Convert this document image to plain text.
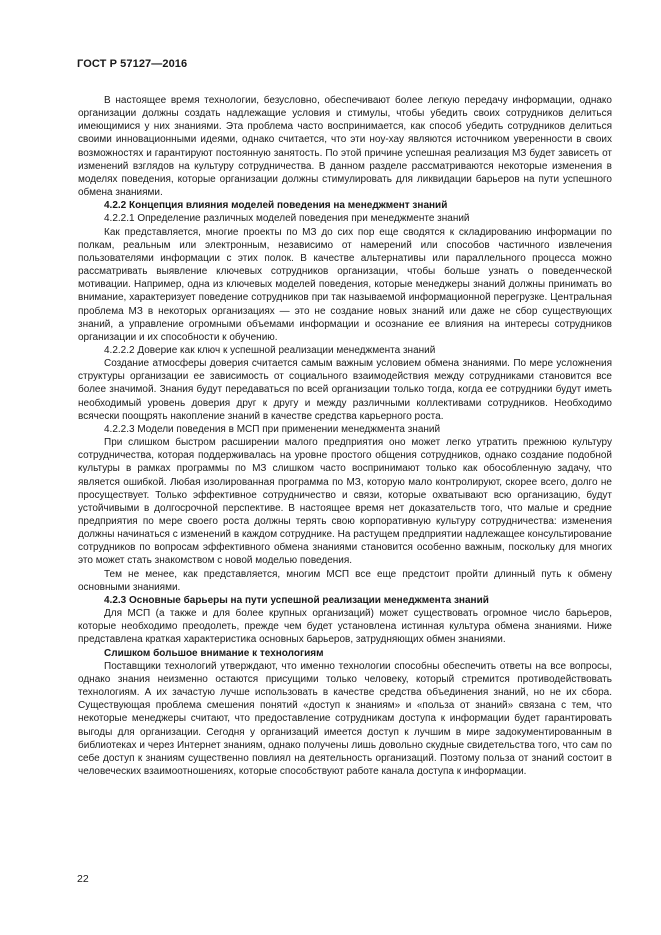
ГОСТ Р 57127—2016

В настоящее время технологии, безусловно, обеспечивают более легкую передачу информации, однако организации должны создать надлежащие условия и стимулы, чтобы убедить своих сотрудников делиться имеющимися у них знаниями. Эта проблема часто воспринимается, как способ убедить сотрудников делиться своими инновационными идеями, однако считается, что эти ноу-хау являются источником уверенности в своих возможностях и гарантируют постоянную занятость. По этой причине успешная реализация МЗ будет зависеть от изменений взглядов на культуру сотрудничества. В данном разделе рассматриваются некоторые изменения в моделях поведения, которые организации должны стимулировать для ликвидации барьеров на пути успешного обмена знаниями.

4.2.2 Концепция влияния моделей поведения на менеджмент знаний

4.2.2.1 Определение различных моделей поведения при менеджменте знаний

Как представляется, многие проекты по МЗ до сих пор еще сводятся к складированию информации по полкам, реальным или электронным, независимо от намерений или способов частичного извлечения пользователями информации с этих полок. В качестве альтернативы или параллельного процесса можно рассматривать выявление ключевых сотрудников организации, чтобы больше узнать о поведенческой мотивации. Например, одна из ключевых моделей поведения, которые менеджеры знаний должны принимать во внимание, характеризует поведение сотрудников при так называемой информационной перегрузке. Центральная проблема МЗ в некоторых организациях — это не создание новых знаний или даже не сбор существующих знаний, а управление огромными объемами информации и осознание ее влияния на интересы сотрудников организации и их способности к обучению.

4.2.2.2 Доверие как ключ к успешной реализации менеджмента знаний

Создание атмосферы доверия считается самым важным условием обмена знаниями. По мере усложнения структуры организации ее зависимость от социального взаимодействия между сотрудниками становится все более значимой. Знания будут передаваться по всей организации только тогда, когда ее сотрудники будут иметь необходимый уровень доверия друг к другу и между различными коллективами сотрудников. Необходимо всячески поощрять накопление знаний в качестве средства карьерного роста.

4.2.2.3 Модели поведения в МСП при применении менеджмента знаний

При слишком быстром расширении малого предприятия оно может легко утратить прежнюю культуру сотрудничества, которая поддерживалась на уровне простого общения сотрудников, однако создание подобной культуры в рамках программы по МЗ слишком часто воспринимают только как обособленную задачу, что является ошибкой. Любая изолированная программа по МЗ, которую мало контролируют, скорее всего, долго не просуществует. Только эффективное сотрудничество и связи, которые охватывают всю организацию, будут устойчивыми в долгосрочной перспективе. В настоящее время нет доказательств того, что малые и средние предприятия по мере своего роста должны терять свою корпоративную культуру сотрудничества: изменения должны начинаться с изменений в каждом сотруднике. На растущем предприятии надлежащее консультирование сотрудников по вопросам эффективного обмена знаниями становится особенно важным, поскольку для многих это может стать знакомством с новой моделью поведения.

Тем не менее, как представляется, многим МСП все еще предстоит пройти длинный путь к обмену основными знаниями.

4.2.3 Основные барьеры на пути успешной реализации менеджмента знаний

Для МСП (а также и для более крупных организаций) может существовать огромное число барьеров, которые необходимо преодолеть, прежде чем будет установлена истинная культура обмена знаниями. Ниже представлена краткая характеристика основных барьеров, затрудняющих обмен знаниями.

Слишком большое внимание к технологиям

Поставщики технологий утверждают, что именно технологии способны обеспечить ответы на все вопросы, однако знания неизменно остаются присущими только человеку, который стремится противодействовать технологиям. А их зачастую лучше использовать в качестве средства объединения знаний, но не их сбора. Существующая проблема смешения понятий «доступ к знаниям» и «польза от знаний» связана с тем, что некоторые менеджеры считают, что предоставление сотрудникам доступа к информации будет гарантировать выгоды для организации. Сегодня у организаций имеется доступ к лучшим в мире задокументированным в библиотеках и через Интернет знаниям, однако получены лишь довольно скудные свидетельства того, что сам по себе доступ к знаниям существенно повлиял на деятельность организаций. Поэтому польза от знаний состоит в человеческих взаимоотношениях, которые способствуют работе канала доступа к информации.

22
